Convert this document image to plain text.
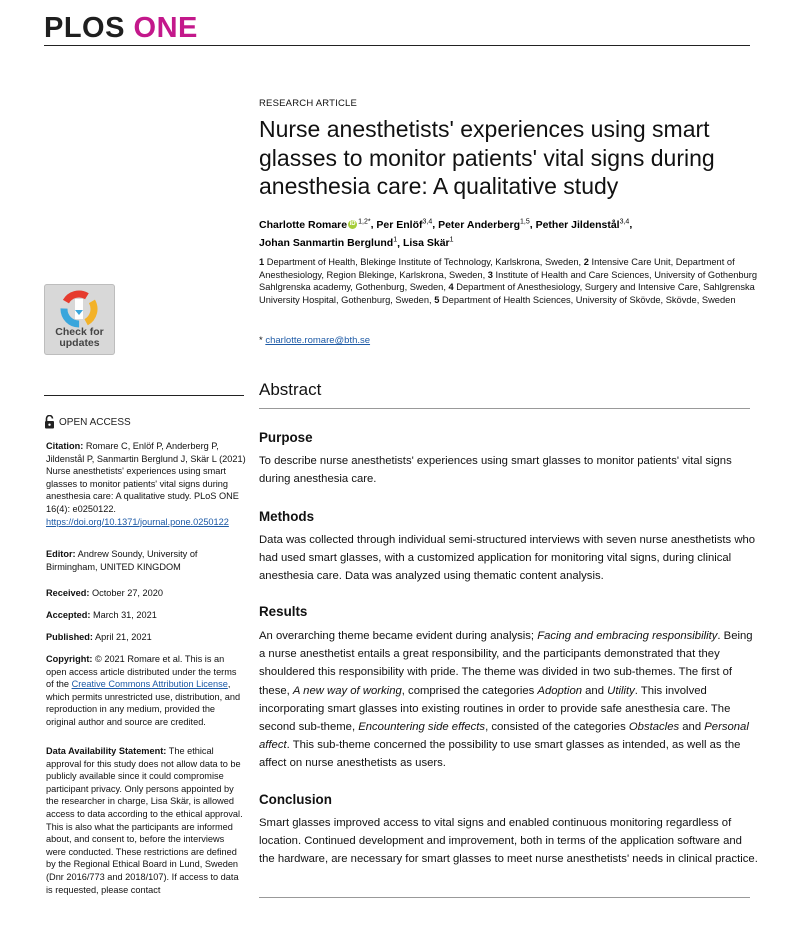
PLOS ONE
Check for
updates
OPEN ACCESS
Citation: Romare C, Enlöf P, Anderberg P, Jildenstål P, Sanmartin Berglund J, Skär L (2021) Nurse anesthetists' experiences using smart glasses to monitor patients' vital signs during anesthesia care: A qualitative study. PLoS ONE 16(4): e0250122. https://doi.org/10.1371/journal.pone.0250122
Editor: Andrew Soundy, University of Birmingham, UNITED KINGDOM
Received: October 27, 2020
Accepted: March 31, 2021
Published: April 21, 2021
Copyright: © 2021 Romare et al. This is an open access article distributed under the terms of the Creative Commons Attribution License, which permits unrestricted use, distribution, and reproduction in any medium, provided the original author and source are credited.
Data Availability Statement: The ethical approval for this study does not allow data to be publicly available since it could compromise participant privacy. Only persons appointed by the researcher in charge, Lisa Skär, is allowed access to data according to the ethical approval. This is also what the participants are informed about, and consent to, before the interviews were conducted. These restrictions are defined by the Regional Ethical Board in Lund, Sweden (Dnr 2016/773 and 2018/107). If access to data is requested, please contact
RESEARCH ARTICLE
Nurse anesthetists' experiences using smart glasses to monitor patients' vital signs during anesthesia care: A qualitative study
Charlotte Romare iD $^{1,2*}$, Per Enlöf$^{3,4}$, Peter Anderberg$^{1,5}$, Pether Jildenstål$^{3,4}$,
Johan Sanmartin Berglund$^1$, Lisa Skär$^1$
1 Department of Health, Blekinge Institute of Technology, Karlskrona, Sweden, 2 Intensive Care Unit, Department of Anesthesiology, Region Blekinge, Karlskrona, Sweden, 3 Institute of Health and Care Sciences, University of Gothenburg Sahlgrenska academy, Gothenburg, Sweden, 4 Department of Anesthesiology, Surgery and Intensive Care, Sahlgrenska University Hospital, Gothenburg, Sweden, 5 Department of Health Sciences, University of Skövde, Skövde, Sweden
* charlotte.romare@bth.se
Abstract
Purpose
To describe nurse anesthetists' experiences using smart glasses to monitor patients' vital signs during anesthesia care.
Methods
Data was collected through individual semi-structured interviews with seven nurse anesthetists who had used smart glasses, with a customized application for monitoring vital signs, during clinical anesthesia care. Data was analyzed using thematic content analysis.
Results
An overarching theme became evident during analysis; Facing and embracing responsibility. Being a nurse anesthetist entails a great responsibility, and the participants demonstrated that they shouldered this responsibility with pride. The theme was divided in two sub-themes. The first of these, A new way of working, comprised the categories Adoption and Utility. This involved incorporating smart glasses into existing routines in order to provide safe anesthesia care. The second sub-theme, Encountering side effects, consisted of the categories Obstacles and Personal affect. This sub-theme concerned the possibility to use smart glasses as intended, as well as the affect on nurse anesthetists as users.
Conclusion
Smart glasses improved access to vital signs and enabled continuous monitoring regardless of location. Continued development and improvement, both in terms of the application software and the hardware, are necessary for smart glasses to meet nurse anesthetists' needs in clinical practice.
